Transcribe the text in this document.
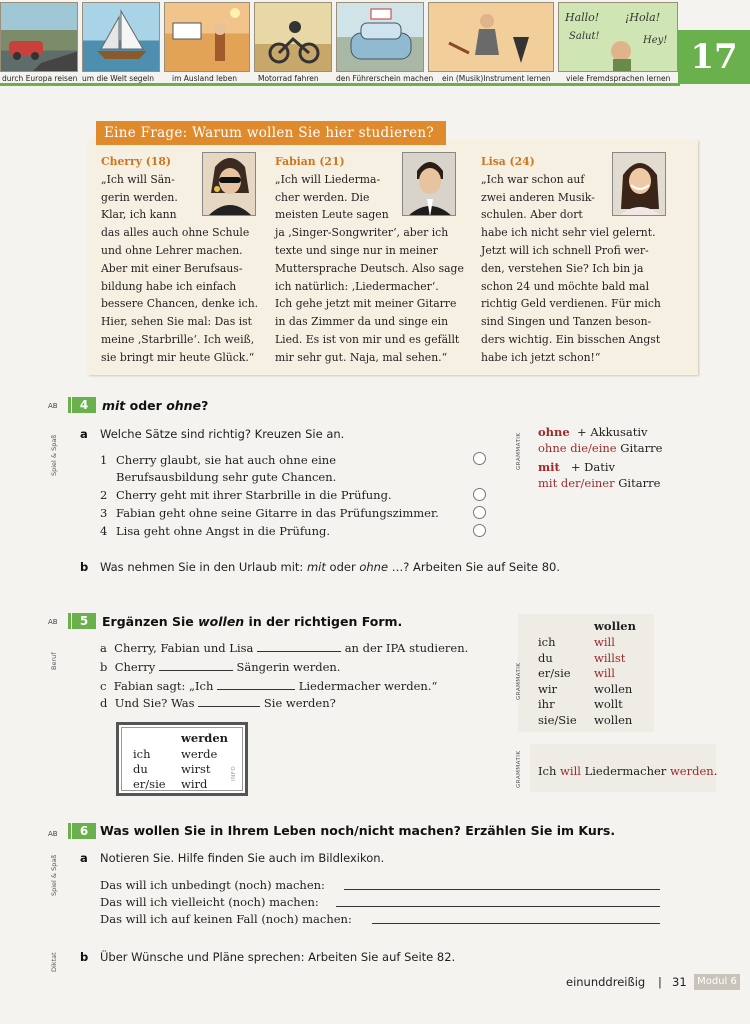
Hallo! ¡Hola!
Salut!	Hey!
durch Europa reisen um die Welt segeln im Ausland leben	Motorrad fahren den Führerschein machen ein (Musik)Instrument lernen viele Fremdsprachen lernen
17
Eine Frage: Warum wollen Sie hier studieren?
Cherry (18)
„Ich will Sän-
gerin werden.
Klar, ich kann
das alles auch ohne Schule
und ohne Lehrer machen.
Aber mit einer Berufsaus-
bildung habe ich einfach
bessere Chancen, denke ich.
Hier, sehen Sie mal: Das ist
meine ‚Starbrille‘. Ich weiß,
sie bringt mir heute Glück.“
Fabian (21)
„Ich will Liederma-
cher werden. Die
meisten Leute sagen
ja ‚Singer-Songwriter‘, aber ich
texte und singe nur in meiner
Muttersprache Deutsch. Also sage
ich natürlich: ‚Liedermacher‘.
Ich gehe jetzt mit meiner Gitarre
in das Zimmer da und singe ein
Lied. Es ist von mir und es gefällt
mir sehr gut. Naja, mal sehen.“
Lisa (24)
„Ich war schon auf
zwei anderen Musik-
schulen. Aber dort
habe ich nicht sehr viel gelernt.
Jetzt will ich schnell Profi wer-
den, verstehen Sie? Ich bin ja
schon 24 und möchte bald mal
richtig Geld verdienen. Für mich
sind Singen und Tanzen beson-
ders wichtig. Ein bisschen Angst
habe ich jetzt schon!“
AB	4	mit oder ohne?
Spiel & Spaß
a Welche Sätze sind richtig? Kreuzen Sie an.
1 Cherry glaubt, sie hat auch ohne eine
Berufsausbildung sehr gute Chancen.
2 Cherry geht mit ihrer Starbrille in die Prüfung.
3 Fabian geht ohne seine Gitarre in das Prüfungszimmer.
4 Lisa geht ohne Angst in die Prüfung.
GRAMMATIK
ohne + Akkusativ
ohne die/eine Gitarre
mit + Dativ
mit der/einer Gitarre
b Was nehmen Sie in den Urlaub mit: mit oder ohne …? Arbeiten Sie auf Seite 80.
AB	5	Ergänzen Sie wollen in der richtigen Form.
Beruf
a Cherry, Fabian und Lisa	an der IPA studieren.
b Cherry	Sängerin werden.
c Fabian sagt: „Ich	Liedermacher werden.“
d Und Sie? Was	Sie werden?
werden
ich	werde
du	wirst
er/sie wird
INFO
GRAMMATIK
wollen
ich	will
du	willst
er/sie will
wir	wollen
ihr	wollt
sie/Sie wollen
GRAMMATIK Ich will Liedermacher werden.
AB	6 Was wollen Sie in Ihrem Leben noch/nicht machen? Erzählen Sie im Kurs.
Spiel & Spaß a Notieren Sie. Hilfe finden Sie auch im Bildlexikon.
Das will ich unbedingt (noch) machen:
Das will ich vielleicht (noch) machen:
Das will ich auf keinen Fall (noch) machen:
Diktat b Über Wünsche und Pläne sprechen: Arbeiten Sie auf Seite 82.
einunddreißig | 31	Modul 6
